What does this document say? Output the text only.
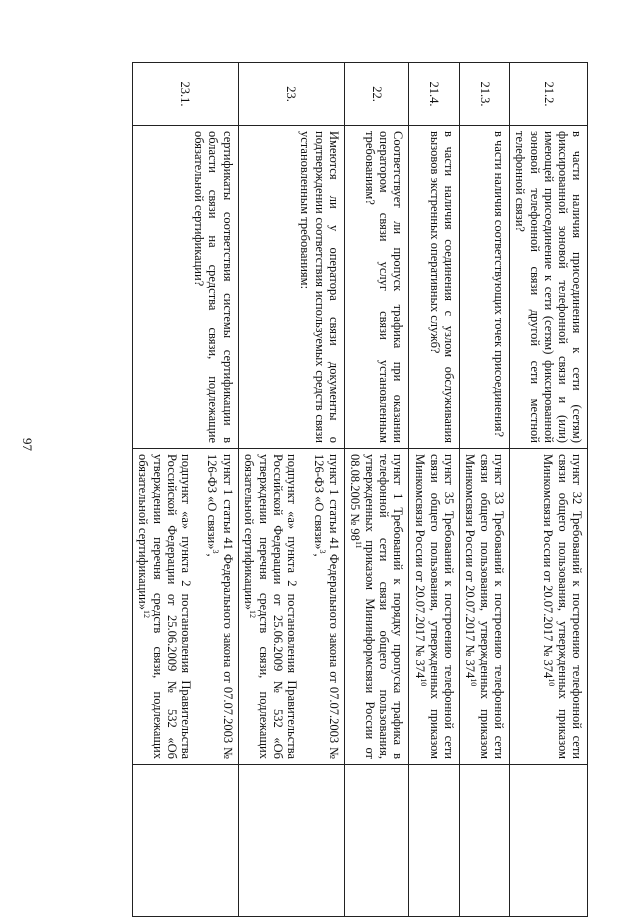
97
21.2.	в части наличия присоединения к сети (сетям) фиксированной зоновой телефонной связи и (или) имеющей присоединение к сети (сетям) фиксированной зоновой телефонной связи другой сети местной телефонной связи?	пункт 32 Требований к построению телефонной сети связи общего пользования, утвержденных приказом Минкомсвязи России от 20.07.2017 № $374^{10}$

21.3.	в части наличия соответствующих точек присоединения?	пункт 33 Требований к построению телефонной сети связи общего пользования, утвержденных приказом Минкомсвязи России от 20.07.2017 № $374^{10}$

21.4.	в части наличия соединения с узлом обслуживания вызовов экстренных оперативных служб?	пункт 35 Требований к построению телефонной сети связи общего пользования, утвержденных приказом Минкомсвязи России от 20.07.2017 № $374^{10}$

22.	Соответствует ли пропуск трафика при оказании оператором связи услуг связи установленным требованиям?	пункт 1 Требований к порядку пропуска трафика в телефонной сети связи общего пользования, утвержденных приказом Мининформсвязи России от 08.08.2005 № $98^{11}$

23.	Имеются ли у оператора связи документы о подтверждении соответствия используемых средств связи установленным требованиям:	пункт 1 статьи 41 Федерального закона от 07.07.2003 № 126-ФЗ «О связи»$^3$,
подпункт «а» пункта 2 постановления Правительства Российской Федерации от 25.06.2009 № 532 «Об утверждении перечня средств связи, подлежащих обязательной сертификации»$^{12}$

23.1.	сертификаты соответствия системы сертификации в области связи на средства связи, подлежащие обязательной сертификации?	пункт 1 статьи 41 Федерального закона от 07.07.2003 № 126-ФЗ «О связи»$^3$,
подпункт «а» пункта 2 постановления Правительства Российской Федерации от 25.06.2009 № 532 «Об утверждении перечня средств связи, подлежащих обязательной сертификации»$^{12}$
